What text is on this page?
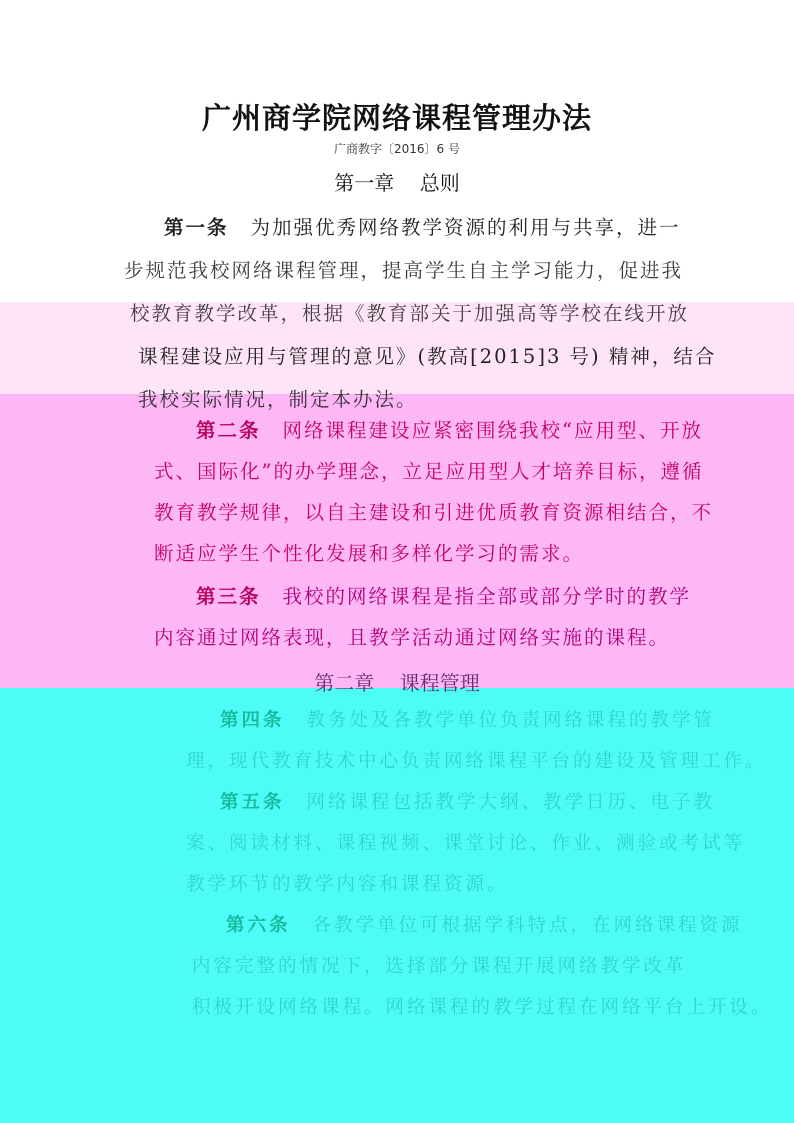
广州商学院网络课程管理办法
广商教字〔2016〕6 号
第一章    总则
第一条 为加强优秀网络教学资源的利用与共享，进一
步规范我校网络课程管理，提高学生自主学习能力，促进我
校教育教学改革，根据《教育部关于加强高等学校在线开放
课程建设应用与管理的意见》(教高[2015]3 号) 精神，结合
我校实际情况，制定本办法。
第二条 网络课程建设应紧密围绕我校“应用型、开放
式、国际化”的办学理念，立足应用型人才培养目标，遵循
教育教学规律，以自主建设和引进优质教育资源相结合，不
断适应学生个性化发展和多样化学习的需求。
第三条 我校的网络课程是指全部或部分学时的教学
内容通过网络表现，且教学活动通过网络实施的课程。
第二章    课程管理
第四条 教务处及各教学单位负责网络课程的教学管
理，现代教育技术中心负责网络课程平台的建设及管理工作。
第五条 网络课程包括教学大纲、教学日历、电子教
案、阅读材料、课程视频、课堂讨论、作业、测验或考试等
教学环节的教学内容和课程资源。
第六条 各教学单位可根据学科特点，在网络课程资源
内容完整的情况下，选择部分课程开展网络教学改革
积极开设网络课程。网络课程的教学过程在网络平台上开设。
